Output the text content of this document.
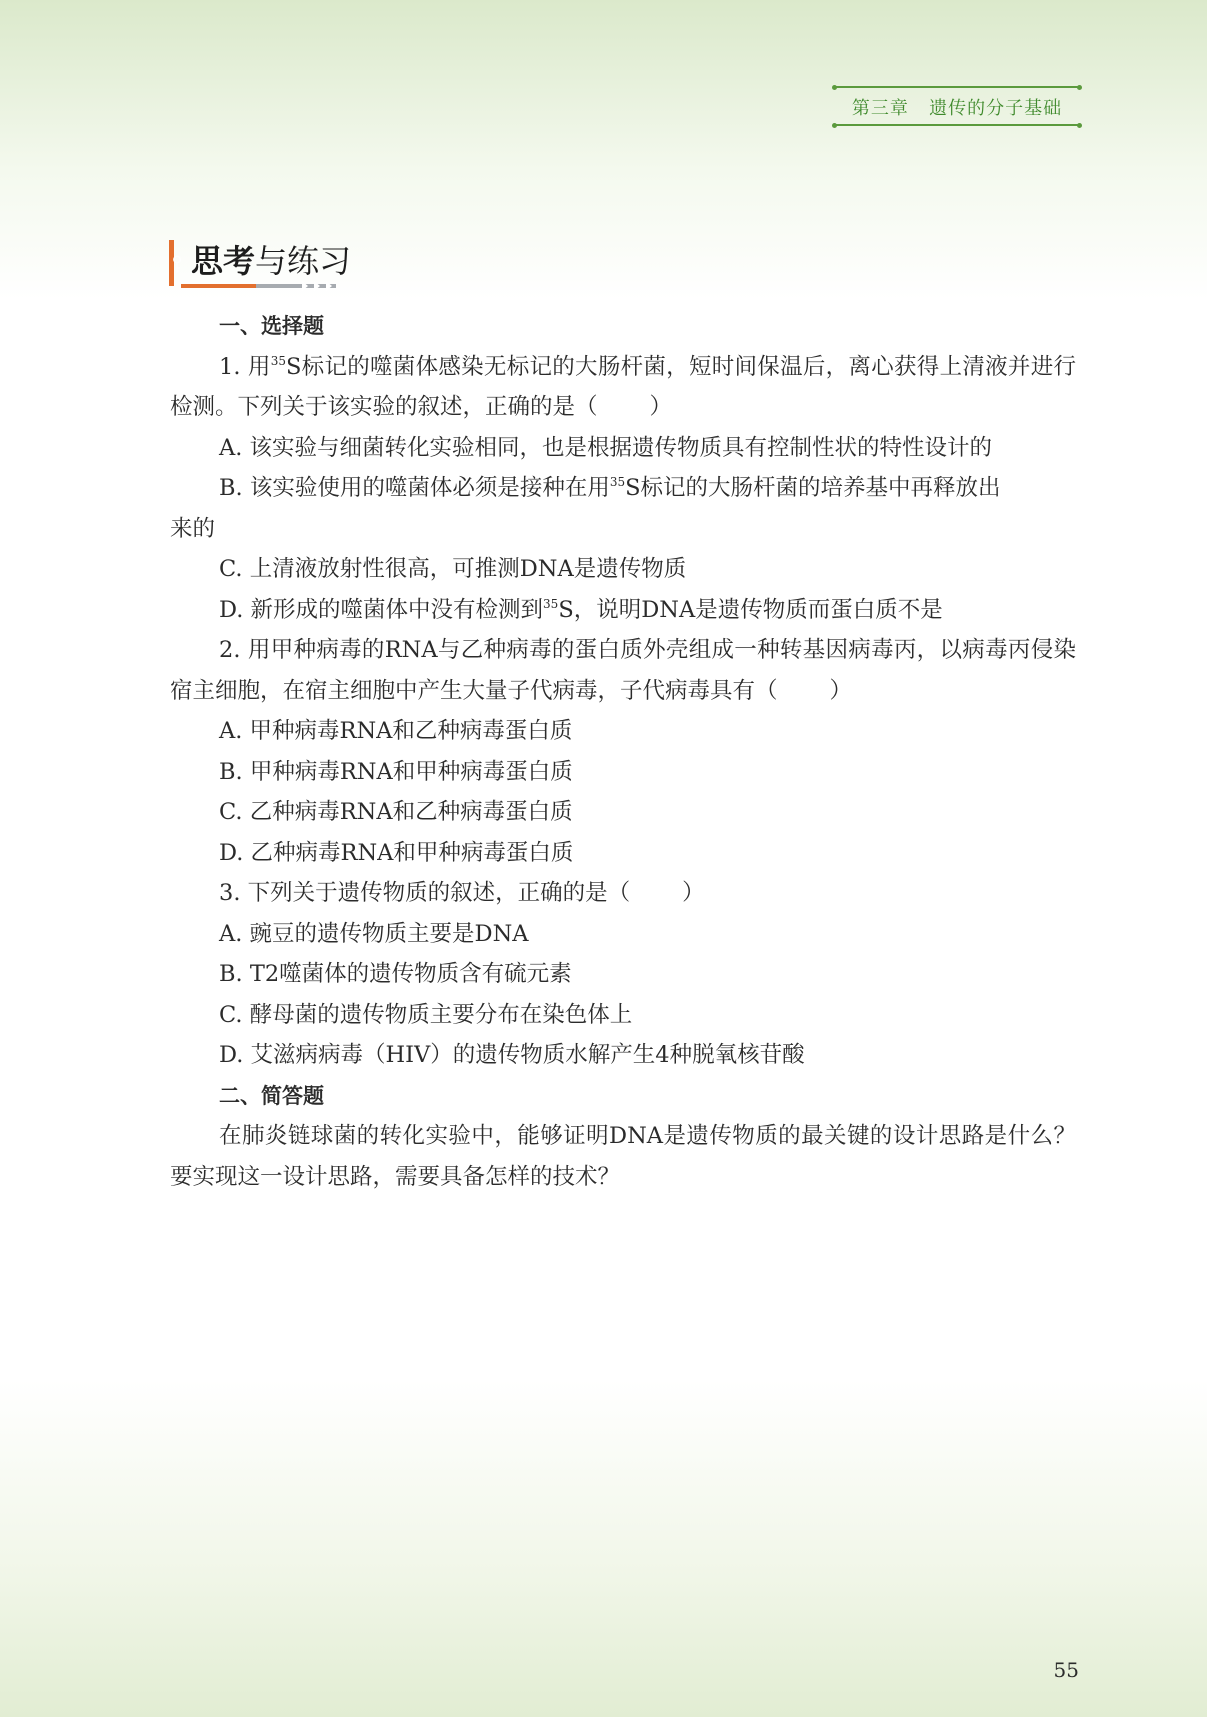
第三章 遗传的分子基础
思考与练习

一、选择题

1. 用$^{35}$S标记的噬菌体感染无标记的大肠杆菌，短时间保温后，离心获得上清液并进行检测。下列关于该实验的叙述，正确的是（ ）

A. 该实验与细菌转化实验相同，也是根据遗传物质具有控制性状的特性设计的

B. 该实验使用的噬菌体必须是接种在用$^{35}$S标记的大肠杆菌的培养基中再释放出

来的

C. 上清液放射性很高，可推测DNA是遗传物质

D. 新形成的噬菌体中没有检测到$^{35}$S，说明DNA是遗传物质而蛋白质不是

2. 用甲种病毒的RNA与乙种病毒的蛋白质外壳组成一种转基因病毒丙，以病毒丙侵染宿主细胞，在宿主细胞中产生大量子代病毒，子代病毒具有（ ）

A. 甲种病毒RNA和乙种病毒蛋白质

B. 甲种病毒RNA和甲种病毒蛋白质

C. 乙种病毒RNA和乙种病毒蛋白质

D. 乙种病毒RNA和甲种病毒蛋白质

3. 下列关于遗传物质的叙述，正确的是（ ）

A. 豌豆的遗传物质主要是DNA

B. T2噬菌体的遗传物质含有硫元素

C. 酵母菌的遗传物质主要分布在染色体上

D. 艾滋病病毒（HIV）的遗传物质水解产生4种脱氧核苷酸

二、简答题

在肺炎链球菌的转化实验中，能够证明DNA是遗传物质的最关键的设计思路是什么？要实现这一设计思路，需要具备怎样的技术？

55
